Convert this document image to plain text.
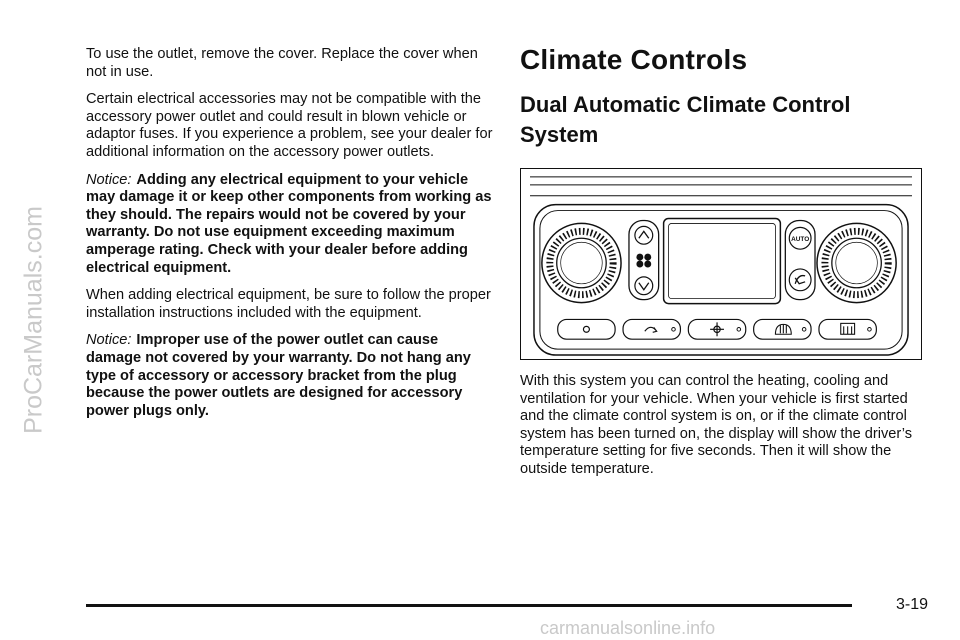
ProCarManuals.com

To use the outlet, remove the cover. Replace the cover when not in use.

Certain electrical accessories may not be compatible with the accessory power outlet and could result in blown vehicle or adaptor fuses. If you experience a problem, see your dealer for additional information on the accessory power outlets.

Notice: Adding any electrical equipment to your vehicle may damage it or keep other components from working as they should. The repairs would not be covered by your warranty. Do not use equipment exceeding maximum amperage rating. Check with your dealer before adding electrical equipment.

When adding electrical equipment, be sure to follow the proper installation instructions included with the equipment.

Notice: Improper use of the power outlet can cause damage not covered by your warranty. Do not hang any type of accessory or accessory bracket from the plug because the power outlets are designed for accessory power plugs only.

Climate Controls
Dual Automatic Climate Control System
AUTO

With this system you can control the heating, cooling and ventilation for your vehicle. When your vehicle is first started and the climate control system is on, or if the climate control system has been turned on, the display will show the driver’s temperature setting for five seconds. Then it will show the outside temperature.

3-19
carmanualsonline.info
